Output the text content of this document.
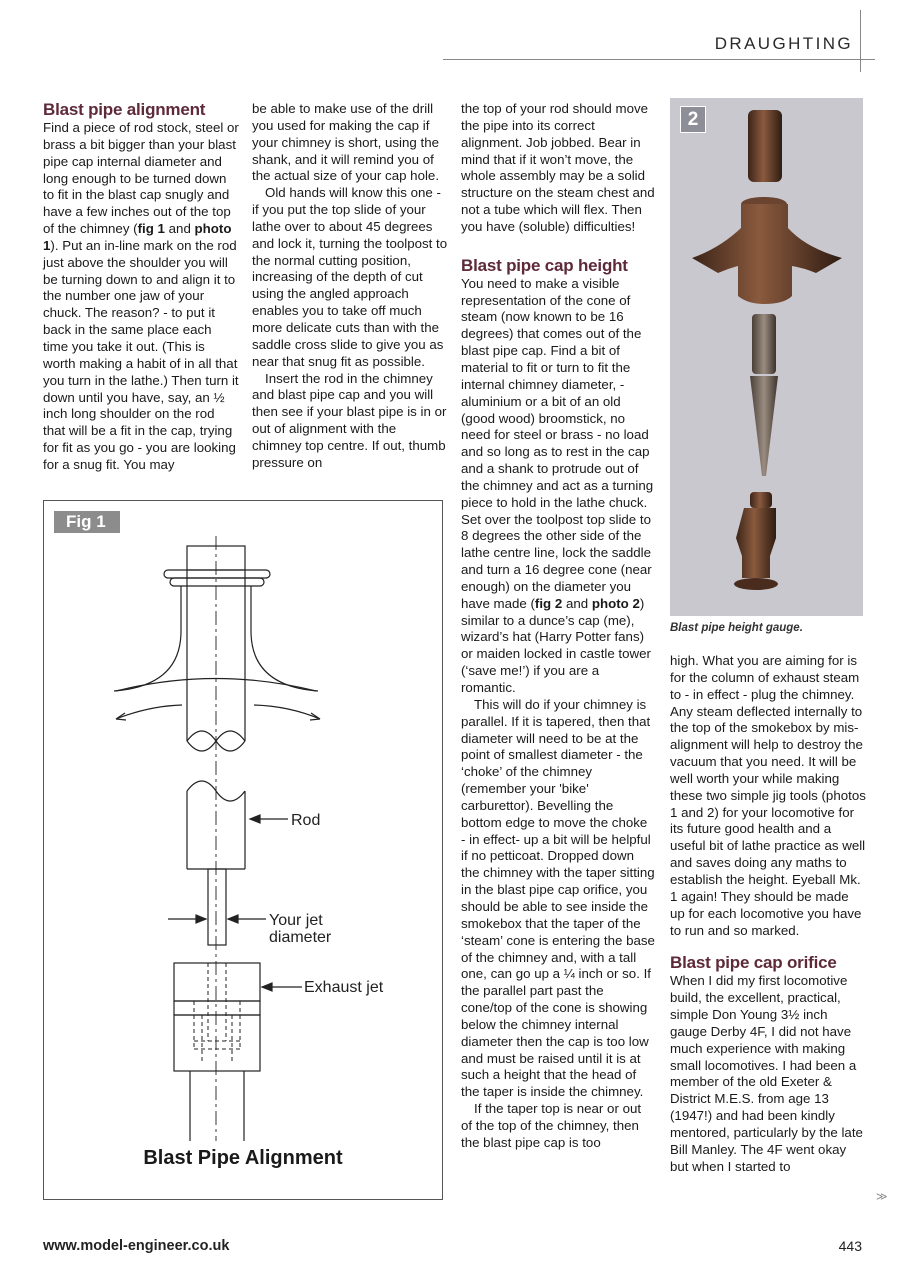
DRAUGHTING
Blast pipe alignment

Find a piece of rod stock, steel or brass a bit bigger than your blast pipe cap internal diameter and long enough to be turned down to fit in the blast cap snugly and have a few inches out of the top of the chimney (fig 1 and photo 1). Put an in-line mark on the rod just above the shoulder you will be turning down to and align it to the number one jaw of your chuck. The reason? - to put it back in the same place each time you take it out. (This is worth making a habit of in all that you turn in the lathe.) Then turn it down until you have, say, an ½ inch long shoulder on the rod that will be a fit in the cap, trying for fit as you go - you are looking for a snug fit. You may

be able to make use of the drill you used for making the cap if your chimney is short, using the shank, and it will remind you of the actual size of your cap hole.

Old hands will know this one - if you put the top slide of your lathe over to about 45 degrees and lock it, turning the toolpost to the normal cutting position, increasing of the depth of cut using the angled approach enables you to take off much more delicate cuts than with the saddle cross slide to give you as near that snug fit as possible.

Insert the rod in the chimney and blast pipe cap and you will then see if your blast pipe is in or out of alignment with the chimney top centre. If out, thumb pressure on

the top of your rod should move the pipe into its correct alignment. Job jobbed. Bear in mind that if it won’t move, the whole assembly may be a solid structure on the steam chest and not a tube which will flex. Then you have (soluble) difficulties!

Blast pipe cap height

You need to make a visible representation of the cone of steam (now known to be 16 degrees) that comes out of the blast pipe cap. Find a bit of material to fit or turn to fit the internal chimney diameter, - aluminium or a bit of an old (good wood) broomstick, no need for steel or brass - no load and so long as to rest in the cap and a shank to protrude out of the chimney and act as a turning piece to hold in the lathe chuck. Set over the toolpost top slide to 8 degrees the other side of the lathe centre line, lock the saddle and turn a 16 degree cone (near enough) on the diameter you have made (fig 2 and photo 2) similar to a dunce’s cap (me), wizard’s hat (Harry Potter fans) or maiden locked in castle tower (‘save me!’) if you are a romantic.

This will do if your chimney is parallel. If it is tapered, then that diameter will need to be at the point of smallest diameter - the ‘choke’ of the chimney (remember your 'bike' carburettor). Bevelling the bottom edge to move the choke - in effect- up a bit will be helpful if no petticoat. Dropped down the chimney with the taper sitting in the blast pipe cap orifice, you should be able to see inside the smokebox that the taper of the ‘steam’ cone is entering the base of the chimney and, with a tall one, can go up a ¼ inch or so. If the parallel part past the cone/top of the cone is showing below the chimney internal diameter then the cap is too low and must be raised until it is at such a height that the head of the taper is inside the chimney.

If the taper top is near or out of the top of the chimney, then the blast pipe cap is too

high. What you are aiming for is for the column of exhaust steam to - in effect - plug the chimney. Any steam deflected internally to the top of the smokebox by mis-alignment will help to destroy the vacuum that you need. It will be well worth your while making these two simple jig tools (photos 1 and 2) for your locomotive for its future good health and a useful bit of lathe practice as well and saves doing any maths to establish the height. Eyeball Mk. 1 again! They should be made up for each locomotive you have to run and so marked.

Blast pipe cap orifice

When I did my first locomotive build, the excellent, practical, simple Don Young 3½ inch gauge Derby 4F, I did not have much experience with making small locomotives. I had been a member of the old Exeter & District M.E.S. from age 13 (1947!) and had been kindly mentored, particularly by the late Bill Manley. The 4F went okay but when I started to

Rod
Your jet
diameter
Exhaust jet
Fig 1
Blast Pipe Alignment
2
Blast pipe height gauge.
≫
www.model-engineer.co.uk	443
